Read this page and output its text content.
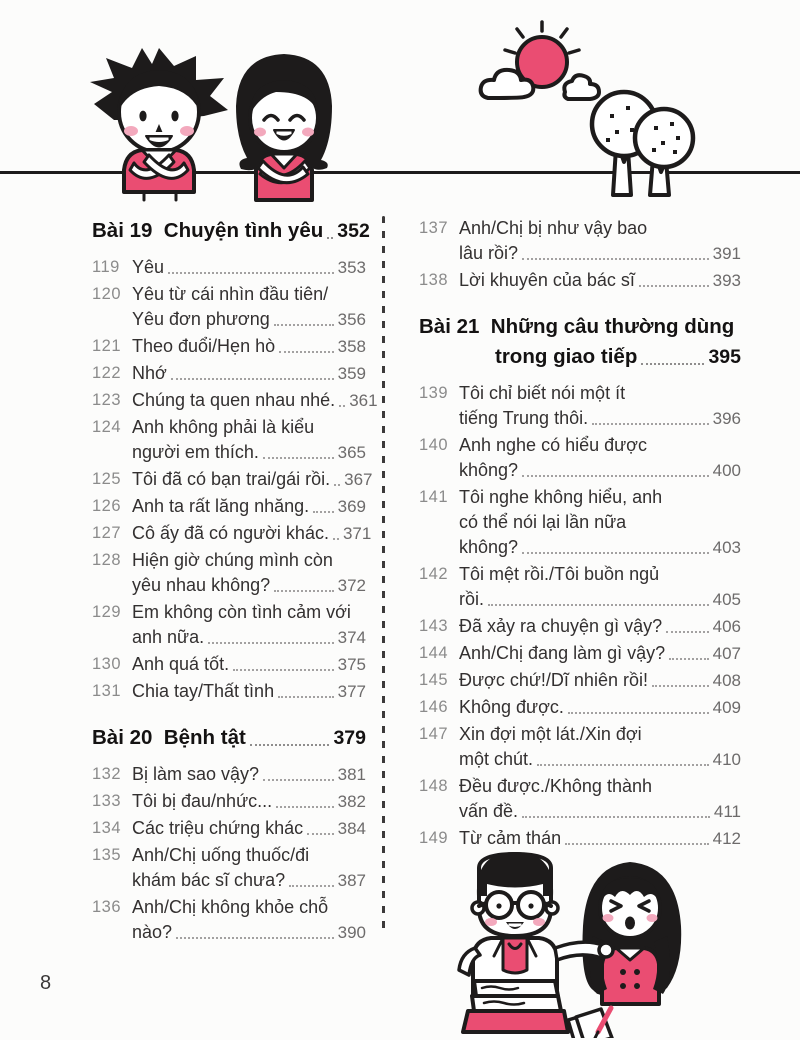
Bài 19 Chuyện tình yêu 352
119 Yêu	353
120 Yêu từ cái nhìn đầu tiên/
Yêu đơn phương	356
121 Theo đuổi/Hẹn hò	358
122 Nhớ	359
123 Chúng ta quen nhau nhé. 361
124 Anh không phải là kiểu
người em thích.	365
125 Tôi đã có bạn trai/gái rồi. 367
126 Anh ta rất lăng nhăng. 369
127 Cô ấy đã có người khác. 371
128 Hiện giờ chúng mình còn
yêu nhau không?	372
129 Em không còn tình cảm với
anh nữa.	374
130 Anh quá tốt.	375
131 Chia tay/Thất tình	377
Bài 20 Bệnh tật	379
132 Bị làm sao vậy?	381
133 Tôi bị đau/nhức...	382
134 Các triệu chứng khác 384
135 Anh/Chị uống thuốc/đi
khám bác sĩ chưa?	387
136 Anh/Chị không khỏe chỗ
nào?	390
137 Anh/Chị bị như vậy bao
lâu rồi?	391
138 Lời khuyên của bác sĩ	393
Bài 21 Những câu thường dùng
trong giao tiếp	395
139 Tôi chỉ biết nói một ít
tiếng Trung thôi.	396
140 Anh nghe có hiểu được
không?	400
141 Tôi nghe không hiểu, anh
có thể nói lại lần nữa
không?	403
142 Tôi mệt rồi./Tôi buồn ngủ
rồi.	405
143 Đã xảy ra chuyện gì vậy?	406
144 Anh/Chị đang làm gì vậy?	407
145 Được chứ!/Dĩ nhiên rồi!	408
146 Không được.	409
147 Xin đợi một lát./Xin đợi
một chút.	410
148 Đều được./Không thành
vấn đề.	411
149 Từ cảm thán	412
8
